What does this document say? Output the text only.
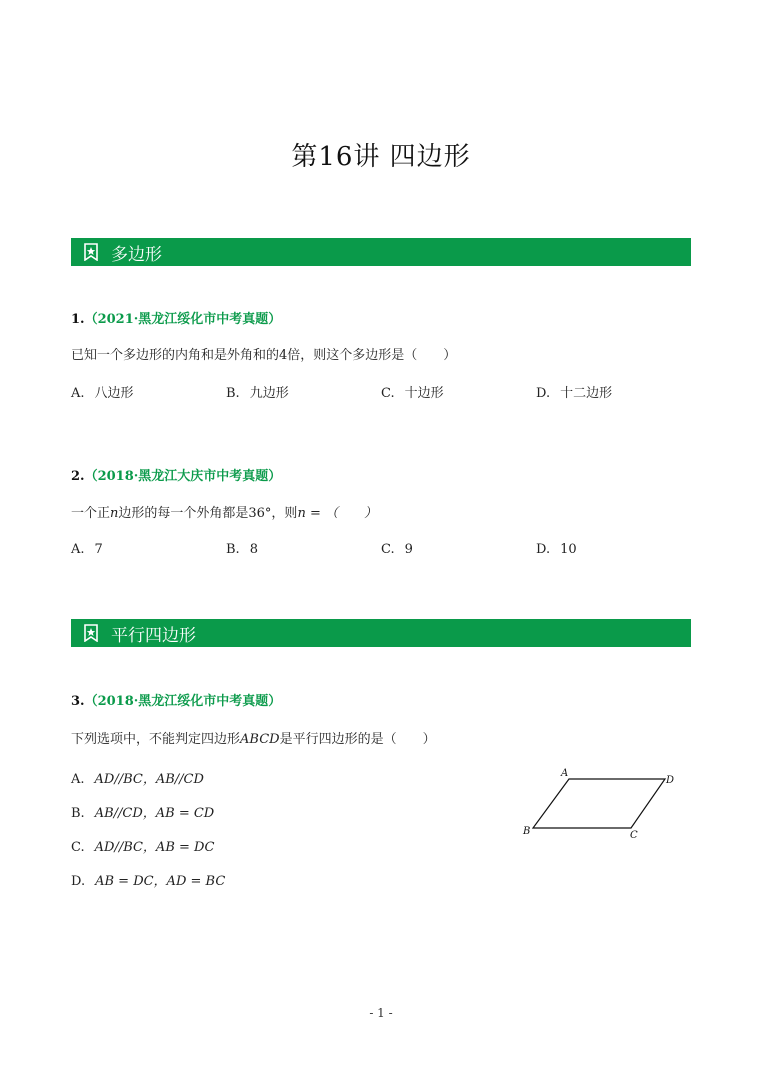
第16讲 四边形
多边形
1.（2021·黑龙江绥化市中考真题）
已知一个多边形的内角和是外角和的4倍，则这个多边形是（　　）
A. 八边形	B. 九边形	C. 十边形	D. 十二边形
2.（2018·黑龙江大庆市中考真题）
一个正n边形的每一个外角都是36°，则n = （　　）
A. 7	B. 8	C. 9	D. 10
平行四边形
3.（2018·黑龙江绥化市中考真题）
下列选项中，不能判定四边形ABCD是平行四边形的是（　　）
A. AD//BC，AB//CD
B. AB//CD，AB = CD
C. AD//BC，AB = DC
D. AB = DC，AD = BC
A
D
B	C
- 1 -
